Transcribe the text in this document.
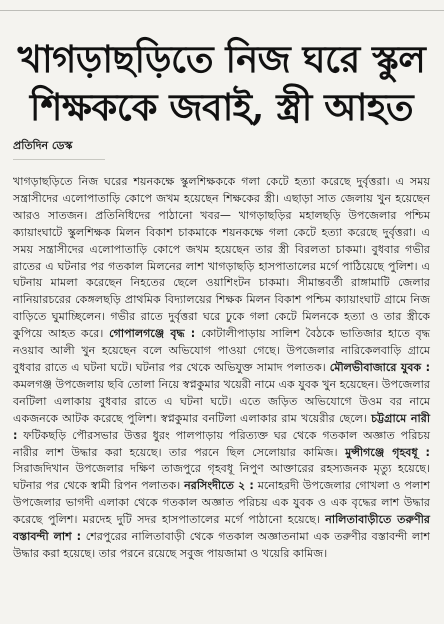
খাগড়াছড়িতে নিজ ঘরে স্কুল শিক্ষককে জবাই, স্ত্রী আহত
প্রতিদিন ডেস্ক

খাগড়াছড়িতে নিজ ঘরের শয়নকক্ষে স্কুলশিক্ষককে গলা কেটে হত্যা করেছে দুর্বৃত্তরা। এ সময় সন্ত্রাসীদের এলোপাতাড়ি কোপে জখম হয়েছেন শিক্ষকের স্ত্রী। এছাড়া সাত জেলায় খুন হয়েছেন আরও সাতজন। প্রতিনিধিদের পাঠানো খবর— খাগড়াছড়ির মহালছড়ি উপজেলার পশ্চিম ক্যায়াংঘাটে স্কুলশিক্ষক মিলন বিকাশ চাকমাকে শয়নকক্ষে গলা কেটে হত্যা করেছে দুর্বৃত্তরা। এ সময় সন্ত্রাসীদের এলোপাতাড়ি কোপে জখম হয়েছেন তার স্ত্রী বিরলতা চাকমা। বুধবার গভীর রাতের এ ঘটনার পর গতকাল মিলনের লাশ খাগড়াছড়ি হাসপাতালের মর্গে পাঠিয়েছে পুলিশ। এ ঘটনায় মামলা করেছেন নিহতের ছেলে ওয়াশিংটন চাকমা। সীমান্তবর্তী রাঙ্গামাটি জেলার নানিয়ারচরের কেঙ্গলছড়ি প্রাথমিক বিদ্যালয়ের শিক্ষক মিলন বিকাশ পশ্চিম ক্যায়াংঘাট গ্রামে নিজ বাড়িতে ঘুমাচ্ছিলেন। গভীর রাতে দুর্বৃত্তরা ঘরে ঢুকে গলা কেটে মিলনকে হত্যা ও তার স্ত্রীকে কুপিয়ে আহত করে। গোপালগঞ্জে বৃদ্ধ : কোটালীপাড়ায় সালিশ বৈঠকে ভাতিজার হাতে বৃদ্ধ নওয়াব আলী খুন হয়েছেন বলে অভিযোগ পাওয়া গেছে। উপজেলার নারিকেলবাড়ি গ্রামে বুধবার রাতে এ ঘটনা ঘটে। ঘটনার পর থেকে অভিযুক্ত সামাদ পলাতক। মৌলভীবাজারে যুবক : কমলগঞ্জ উপজেলায় ছবি তোলা নিয়ে স্বপ্নকুমার খয়েরী নামে এক যুবক খুন হয়েছেন। উপজেলার বনটিলা এলাকায় বুধবার রাতে এ ঘটনা ঘটে। এতে জড়িত অভিযোগে উওম বর নামে একজনকে আটক করেছে পুলিশ। স্বপ্নকুমার বনটিলা এলাকার রাম খয়েরীর ছেলে। চট্টগ্রামে নারী : ফটিকছড়ি পৌরসভার উত্তর ধুরং পালপাড়ায় পরিত্যক্ত ঘর থেকে গতকাল অজ্ঞাত পরিচয় নারীর লাশ উদ্ধার করা হয়েছে। তার পরনে ছিল সেলোয়ার কামিজ। মুন্সীগঞ্জে গৃহবধূ : সিরাজদিখান উপজেলার দক্ষিণ তাজপুরে গৃহবধূ নিপুণ আক্তারের রহস্যজনক মৃত্যু হয়েছে। ঘটনার পর থেকে স্বামী রিপন পলাতক। নরসিংদীতে ২ : মনোহরদী উপজেলার গোখলা ও পলাশ উপজেলার ভাগদী এলাকা থেকে গতকাল অজ্ঞাত পরিচয় এক যুবক ও এক বৃদ্ধের লাশ উদ্ধার করেছে পুলিশ। মরদেহ দুটি সদর হাসপাতালের মর্গে পাঠানো হয়েছে। নালিতাবাড়ীতে তরুণীর বস্তাবন্দী লাশ : শেরপুরের নালিতাবাড়ী থেকে গতকাল অজ্ঞাতনামা এক তরুণীর বস্তাবন্দী লাশ উদ্ধার করা হয়েছে। তার পরনে রয়েছে সবুজ পায়জামা ও খয়েরি কামিজ।
